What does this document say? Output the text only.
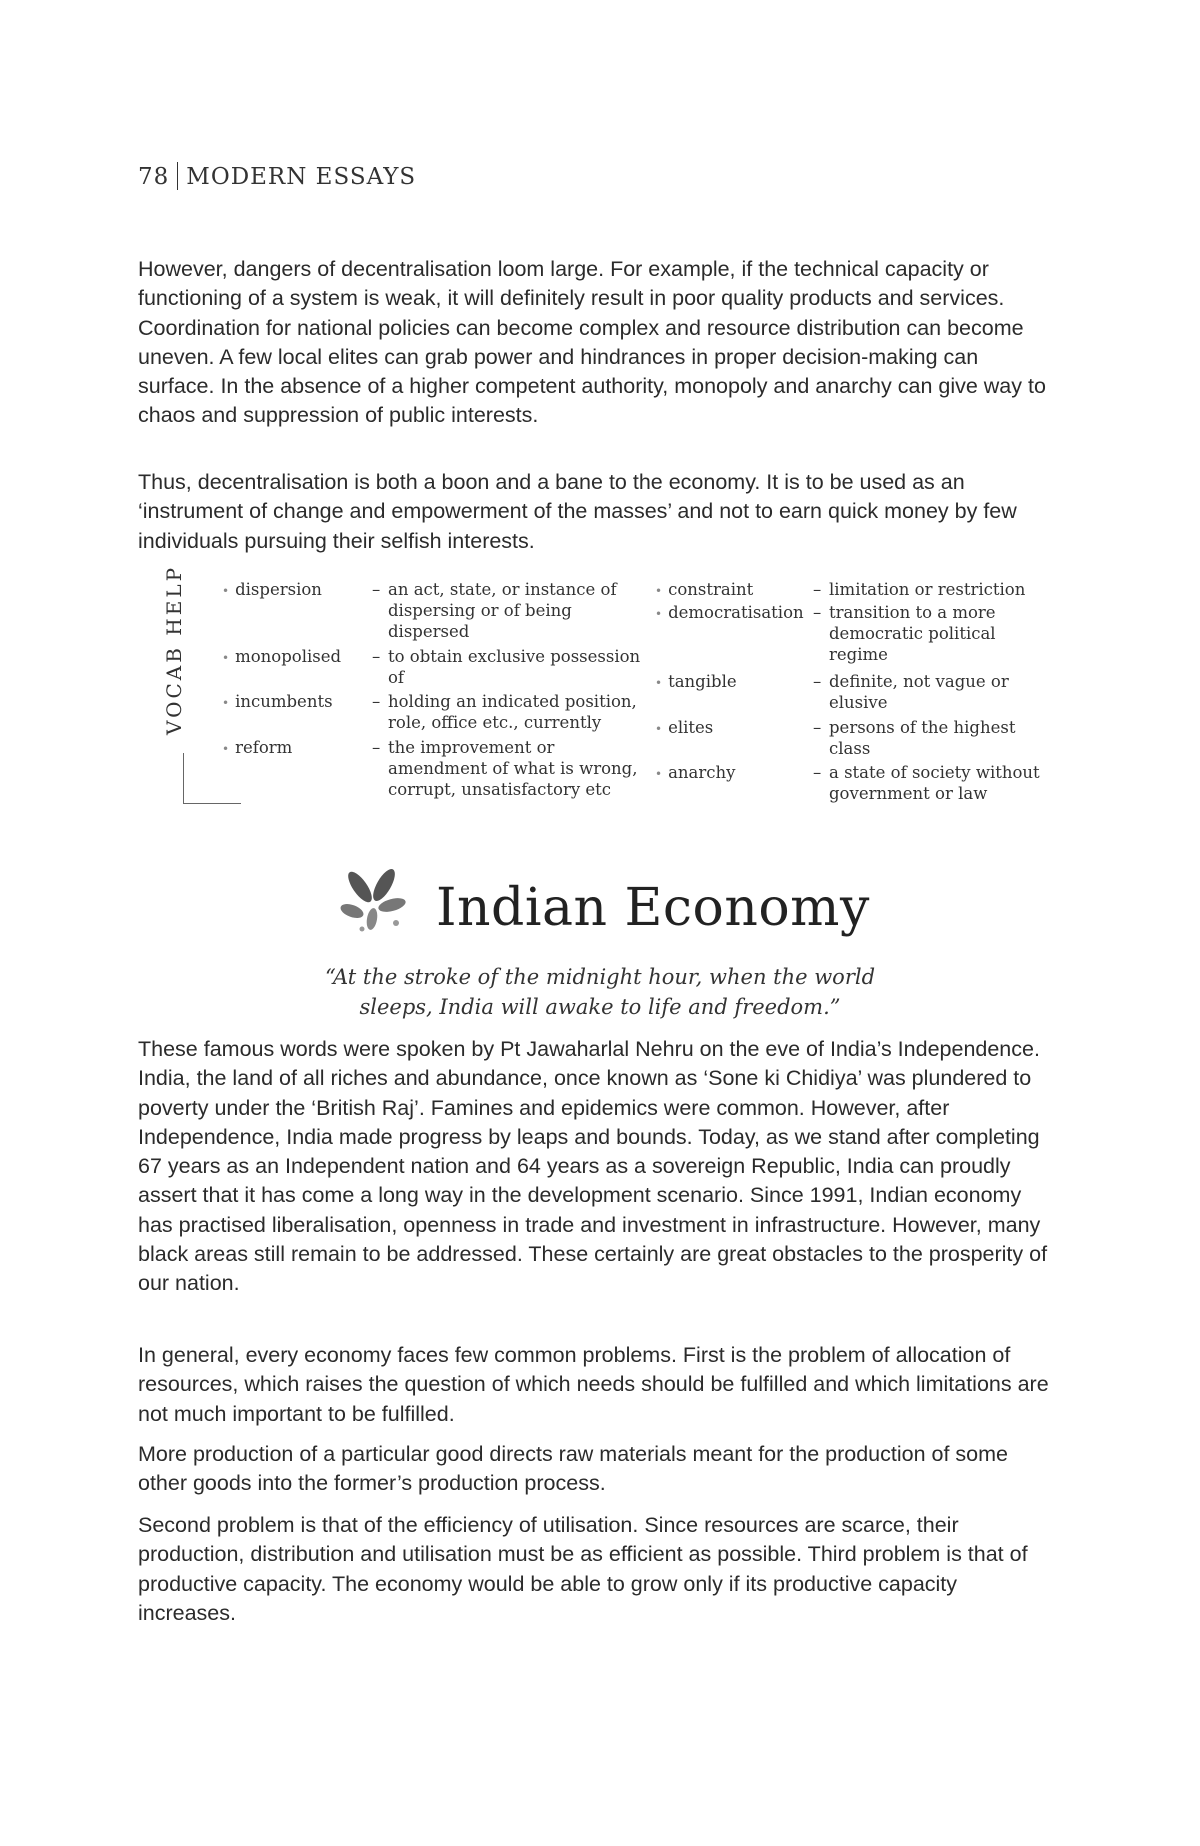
78 MODERN ESSAYS

However, dangers of decentralisation loom large. For example, if the technical capacity or functioning of a system is weak, it will definitely result in poor quality products and services. Coordination for national policies can become complex and resource distribution can become uneven. A few local elites can grab power and hindrances in proper decision-making can surface. In the absence of a higher competent authority, monopoly and anarchy can give way to chaos and suppression of public interests.

Thus, decentralisation is both a boon and a bane to the economy. It is to be used as an ‘instrument of change and empowerment of the masses’ and not to earn quick money by few individuals pursuing their selfish interests.

VOCAB HELP
•	dispersion	– an act, state, or instance of dispersing or of being dispersed
• monopolised – to obtain exclusive possession of
• incumbents – holding an indicated position, role, office etc., currently
• reform	– the improvement or amendment of what is wrong, corrupt, unsatisfactory etc
• constraint	– limitation or restriction
• democratisation – transition to a more democratic political regime
• tangible	– definite, not vague or elusive
• elites	– persons of the highest class
• anarchy	– a state of society without government or law
Indian Economy
“At the stroke of the midnight hour, when the world
sleeps, India will awake to life and freedom.”

These famous words were spoken by Pt Jawaharlal Nehru on the eve of India’s Independence. India, the land of all riches and abundance, once known as ‘Sone ki Chidiya’ was plundered to poverty under the ‘British Raj’. Famines and epidemics were common. However, after Independence, India made progress by leaps and bounds. Today, as we stand after completing 67 years as an Independent nation and 64 years as a sovereign Republic, India can proudly assert that it has come a long way in the development scenario. Since 1991, Indian economy has practised liberalisation, openness in trade and investment in infrastructure. However, many black areas still remain to be addressed. These certainly are great obstacles to the prosperity of our nation.

In general, every economy faces few common problems. First is the problem of allocation of resources, which raises the question of which needs should be fulfilled and which limitations are not much important to be fulfilled.

More production of a particular good directs raw materials meant for the production of some other goods into the former’s production process.

Second problem is that of the efficiency of utilisation. Since resources are scarce, their production, distribution and utilisation must be as efficient as possible. Third problem is that of productive capacity. The economy would be able to grow only if its productive capacity increases.
